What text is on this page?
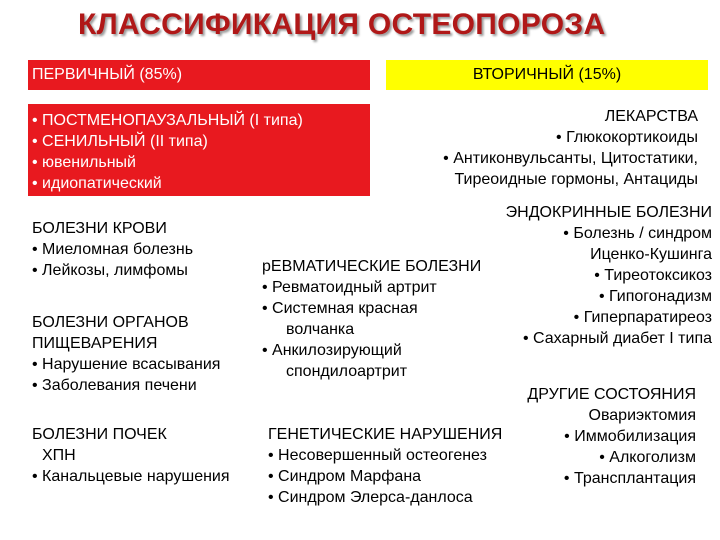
КЛАССИФИКАЦИЯ ОСТЕОПОРОЗА
ПЕРВИЧНЫЙ (85%)	ВТОРИЧНЫЙ (15%)
• ПОСТМЕНОПАУЗАЛЬНЫЙ (I типа)
• СЕНИЛЬНЫЙ (II типа)
• ювенильный
• идиопатический
ЛЕКАРСТВА
• Глюкокортикоиды
• Антиконвульсанты, Цитостатики,
Тиреоидные гормоны, Антациды
БОЛЕЗНИ КРОВИ
• Миеломная болезнь
• Лейкозы, лимфомы
БОЛЕЗНИ ОРГАНОВ
ПИЩЕВАРЕНИЯ
• Нарушение всасывания
• Заболевания печени
БОЛЕЗНИ ПОЧЕК
ХПН
• Канальцевые нарушения
рЕВМАТИЧЕСКИЕ БОЛЕЗНИ
• Ревматоидный артрит
• Системная красная
волчанка
• Анкилозирующий
спондилоартрит
ЭНДОКРИННЫЕ БОЛЕЗНИ
• Болезнь / синдром
Иценко-Кушинга
• Тиреотоксикоз
• Гипогонадизм
• Гиперпаратиреоз
• Сахарный диабет I типа
ГЕНЕТИЧЕСКИЕ НАРУШЕНИЯ
• Несовершенный остеогенез
• Синдром Марфана
• Синдром Элерса-данлоса
ДРУГИЕ СОСТОЯНИЯ
Овариэктомия
• Иммобилизация
• Алкоголизм
• Трансплантация
